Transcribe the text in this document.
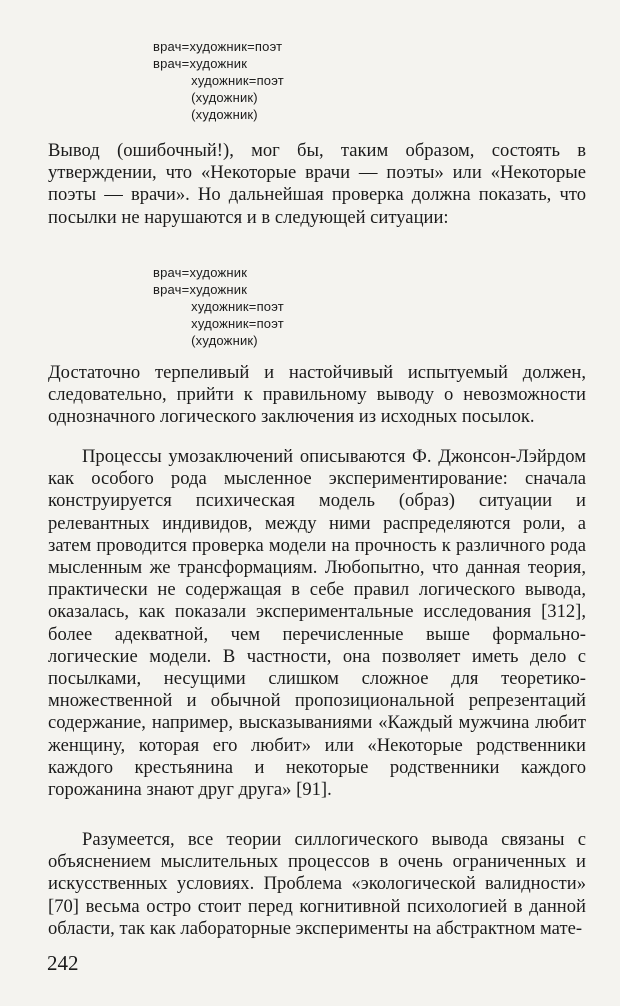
врач=художник=поэт
врач=художник
художник=поэт
(художник)
(художник)
Вывод (ошибочный!), мог бы, таким образом, состоять в утверждении, что «Некоторые врачи — поэты» или «Некоторые поэты — врачи». Но дальнейшая проверка должна показать, что посылки не нарушаются и в следующей ситуации:
врач=художник
врач=художник
художник=поэт
художник=поэт
(художник)
Достаточно терпеливый и настойчивый испытуемый должен, следовательно, прийти к правильному выводу о невозможности однозначного логического заключения из исходных посылок.
Процессы умозаключений описываются Ф. Джонсон-Лэйрдом как особого рода мысленное экспериментирование: сначала конструируется психическая модель (образ) ситуации и релевантных индивидов, между ними распределяются роли, а затем проводится проверка модели на прочность к различного рода мысленным же трансформациям. Любопытно, что данная теория, практически не содержащая в себе правил логического вывода, оказалась, как показали экспериментальные исследования [312], более адекватной, чем перечисленные выше формально-логические модели. В частности, она позволяет иметь дело с посылками, несущими слишком сложное для теоретико-множественной и обычной пропозициональной репрезентаций содержание, например, высказываниями «Каждый мужчина любит женщину, которая его любит» или «Некоторые родственники каждого крестьянина и некоторые родственники каждого горожанина знают друг друга» [91].
Разумеется, все теории силлогического вывода связаны с объяснением мыслительных процессов в очень ограниченных и искусственных условиях. Проблема «экологической валидности» [70] весьма остро стоит перед когнитивной психологией в данной области, так как лабораторные эксперименты на абстрактном мате-
242
